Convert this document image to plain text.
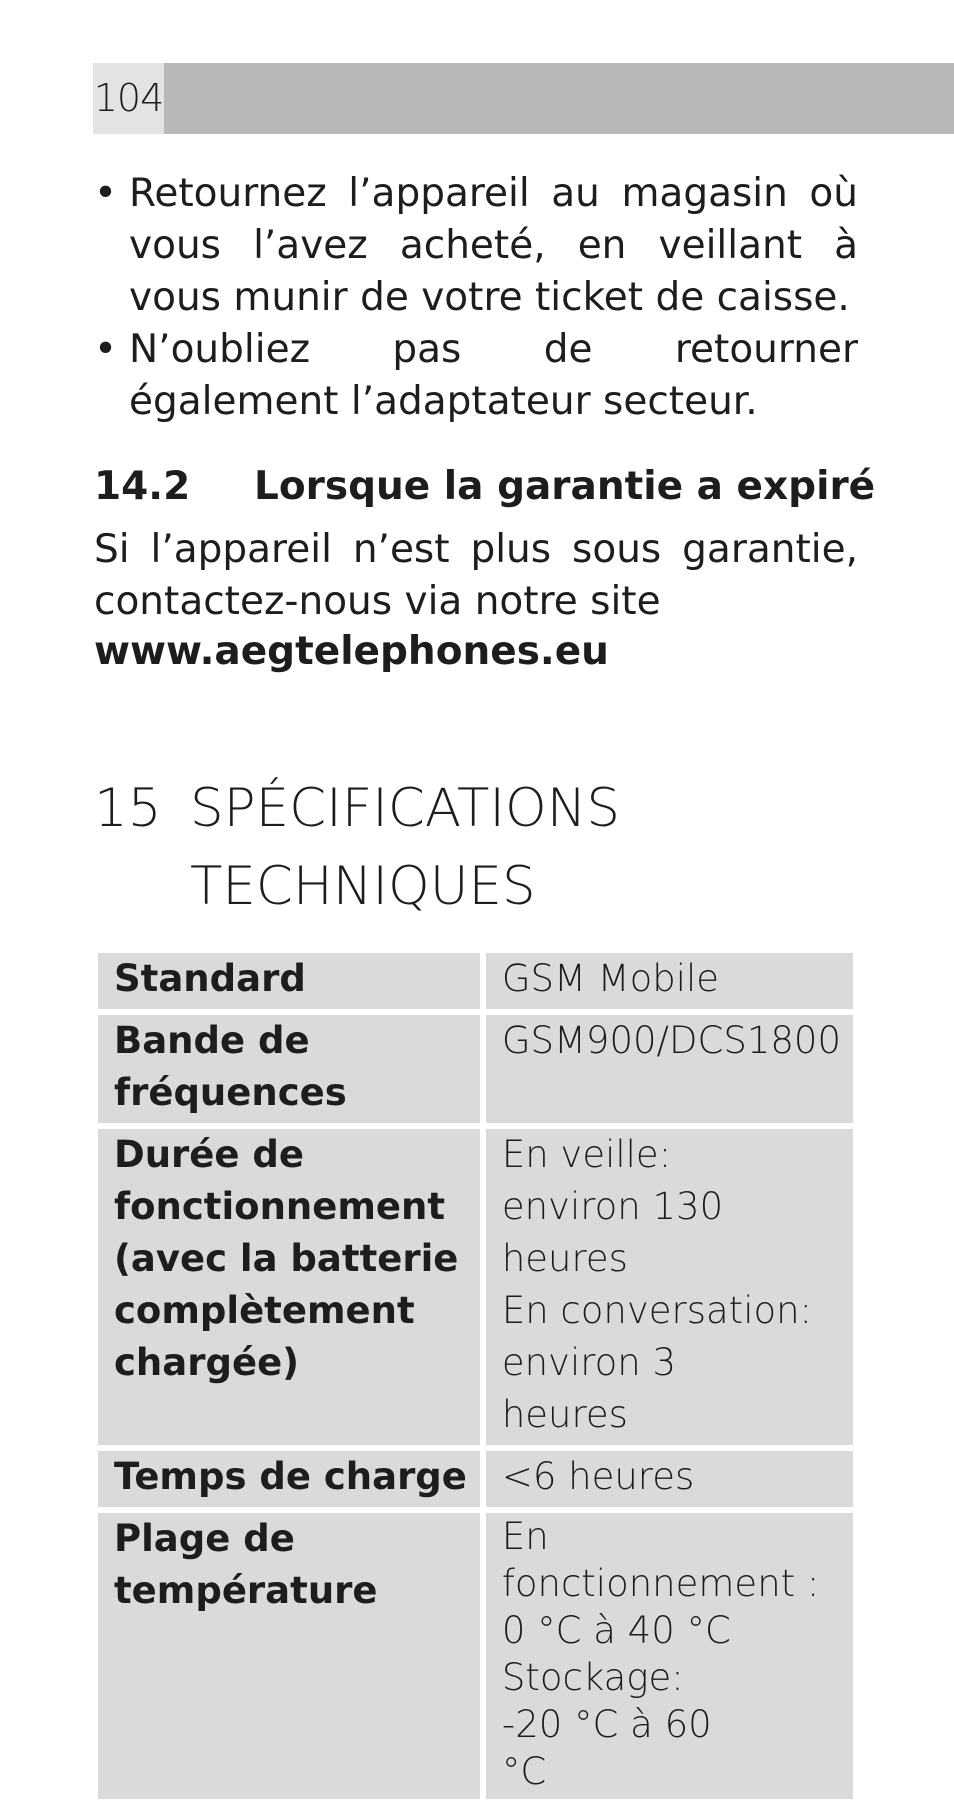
104
• Retournez l’appareil au magasin où vous l’avez acheté, en veillant à vous munir de votre ticket de caisse.
• N’oubliez pas de retourner également l’adaptateur secteur.
14.2 Lorsque la garantie a expiré
Si l’appareil n’est plus sous garantie,
contactez-nous via notre site
www.aegtelephones.eu
15 SPÉCIFICATIONS
TECHNIQUES
Standard	GSM Mobile

Bande de fréquences	GSM900/DCS1800

Durée de fonctionnement (avec la batterie complètement chargée)	En veille: environ 130 heures
En conversation: environ 3 heures

Temps de charge	<6 heures

Plage de température	En fonctionnement : 0 °C à 40 °C
Stockage: -20 °C à 60 °C
